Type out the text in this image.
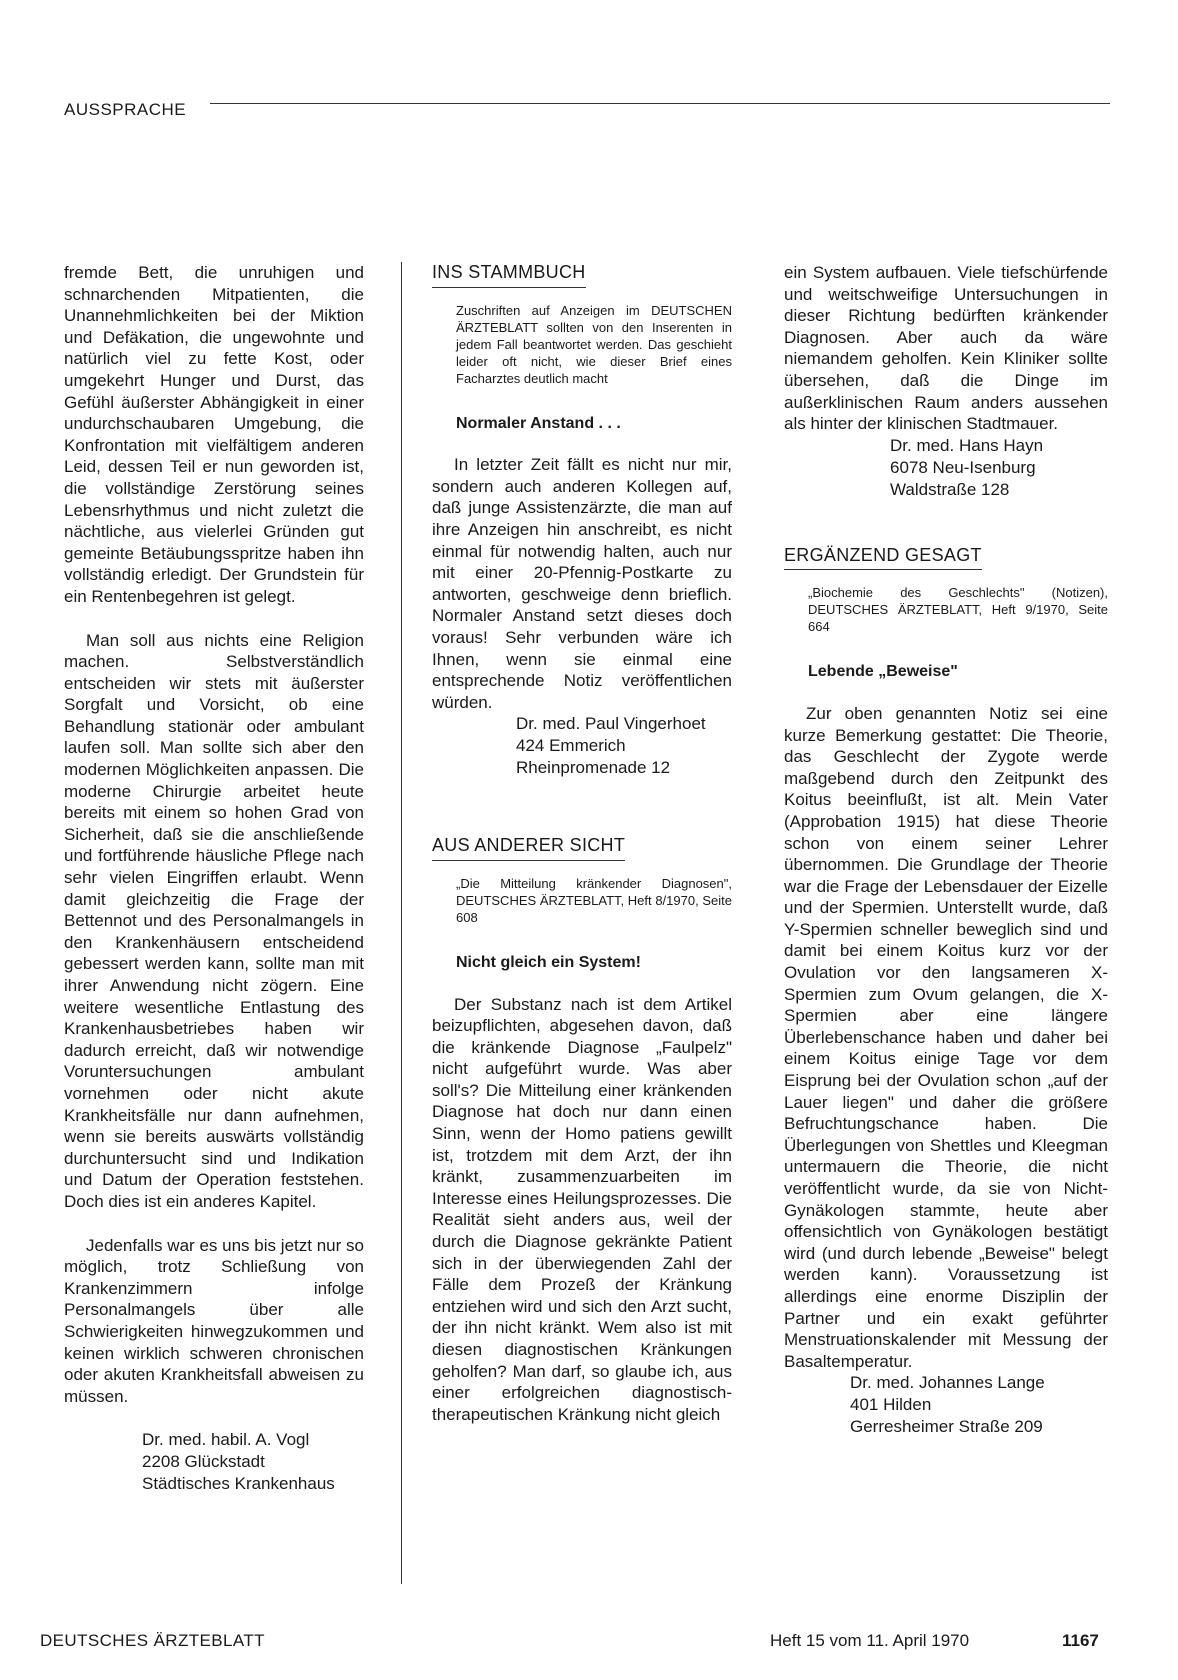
AUSSPRACHE

fremde Bett, die unruhigen und schnarchenden Mitpatienten, die Unannehmlichkeiten bei der Miktion und Defäkation, die ungewohnte und natürlich viel zu fette Kost, oder umgekehrt Hunger und Durst, das Gefühl äußerster Abhängigkeit in einer undurchschaubaren Umgebung, die Konfrontation mit vielfältigem anderen Leid, dessen Teil er nun geworden ist, die vollständige Zerstörung seines Lebensrhythmus und nicht zuletzt die nächtliche, aus vielerlei Gründen gut gemeinte Betäubungsspritze haben ihn vollständig erledigt. Der Grundstein für ein Rentenbegehren ist gelegt.

Man soll aus nichts eine Religion machen. Selbstverständlich entscheiden wir stets mit äußerster Sorgfalt und Vorsicht, ob eine Behandlung stationär oder ambulant laufen soll. Man sollte sich aber den modernen Möglichkeiten anpassen. Die moderne Chirurgie arbeitet heute bereits mit einem so hohen Grad von Sicherheit, daß sie die anschließende und fortführende häusliche Pflege nach sehr vielen Eingriffen erlaubt. Wenn damit gleichzeitig die Frage der Bettennot und des Personalmangels in den Krankenhäusern entscheidend gebessert werden kann, sollte man mit ihrer Anwendung nicht zögern. Eine weitere wesentliche Entlastung des Krankenhausbetriebes haben wir dadurch erreicht, daß wir notwendige Voruntersuchungen ambulant vornehmen oder nicht akute Krankheitsfälle nur dann aufnehmen, wenn sie bereits auswärts vollständig durchuntersucht sind und Indikation und Datum der Operation feststehen. Doch dies ist ein anderes Kapitel.

Jedenfalls war es uns bis jetzt nur so möglich, trotz Schließung von Krankenzimmern infolge Personalmangels über alle Schwierigkeiten hinwegzukommen und keinen wirklich schweren chronischen oder akuten Krankheitsfall abweisen zu müssen.

Dr. med. habil. A. Vogl
2208 Glückstadt
Städtisches Krankenhaus
INS STAMMBUCH

Zuschriften auf Anzeigen im DEUTSCHEN ÄRZTEBLATT sollten von den Inserenten in jedem Fall beantwortet werden. Das geschieht leider oft nicht, wie dieser Brief eines Facharztes deutlich macht

Normaler Anstand . . .

In letzter Zeit fällt es nicht nur mir, sondern auch anderen Kollegen auf, daß junge Assistenzärzte, die man auf ihre Anzeigen hin anschreibt, es nicht einmal für notwendig halten, auch nur mit einer 20-Pfennig-Postkarte zu antworten, geschweige denn brieflich. Normaler Anstand setzt dieses doch voraus! Sehr verbunden wäre ich Ihnen, wenn sie einmal eine entsprechende Notiz veröffentlichen würden.

Dr. med. Paul Vingerhoet
424 Emmerich
Rheinpromenade 12
AUS ANDERER SICHT

„Die Mitteilung kränkender Diagnosen", DEUTSCHES ÄRZTEBLATT, Heft 8/1970, Seite 608

Nicht gleich ein System!

Der Substanz nach ist dem Artikel beizupflichten, abgesehen davon, daß die kränkende Diagnose „Faulpelz" nicht aufgeführt wurde. Was aber soll's? Die Mitteilung einer kränkenden Diagnose hat doch nur dann einen Sinn, wenn der Homo patiens gewillt ist, trotzdem mit dem Arzt, der ihn kränkt, zusammenzuarbeiten im Interesse eines Heilungsprozesses. Die Realität sieht anders aus, weil der durch die Diagnose gekränkte Patient sich in der überwiegenden Zahl der Fälle dem Prozeß der Kränkung entziehen wird und sich den Arzt sucht, der ihn nicht kränkt. Wem also ist mit diesen diagnostischen Kränkungen geholfen? Man darf, so glaube ich, aus einer erfolgreichen diagnostisch-therapeutischen Kränkung nicht gleich

ein System aufbauen. Viele tiefschürfende und weitschweifige Untersuchungen in dieser Richtung bedürften kränkender Diagnosen. Aber auch da wäre niemandem geholfen. Kein Kliniker sollte übersehen, daß die Dinge im außerklinischen Raum anders aussehen als hinter der klinischen Stadtmauer.

Dr. med. Hans Hayn
6078 Neu-Isenburg
Waldstraße 128
ERGÄNZEND GESAGT

„Biochemie des Geschlechts" (Notizen), DEUTSCHES ÄRZTEBLATT, Heft 9/1970, Seite 664

Lebende „Beweise"

Zur oben genannten Notiz sei eine kurze Bemerkung gestattet: Die Theorie, das Geschlecht der Zygote werde maßgebend durch den Zeitpunkt des Koitus beeinflußt, ist alt. Mein Vater (Approbation 1915) hat diese Theorie schon von einem seiner Lehrer übernommen. Die Grundlage der Theorie war die Frage der Lebensdauer der Eizelle und der Spermien. Unterstellt wurde, daß Y-Spermien schneller beweglich sind und damit bei einem Koitus kurz vor der Ovulation vor den langsameren X-Spermien zum Ovum gelangen, die X-Spermien aber eine längere Überlebenschance haben und daher bei einem Koitus einige Tage vor dem Eisprung bei der Ovulation schon „auf der Lauer liegen" und daher die größere Befruchtungschance haben. Die Überlegungen von Shettles und Kleegman untermauern die Theorie, die nicht veröffentlicht wurde, da sie von Nicht-Gynäkologen stammte, heute aber offensichtlich von Gynäkologen bestätigt wird (und durch lebende „Beweise" belegt werden kann). Voraussetzung ist allerdings eine enorme Disziplin der Partner und ein exakt geführter Menstruationskalender mit Messung der Basaltemperatur.

Dr. med. Johannes Lange
401 Hilden
Gerresheimer Straße 209
DEUTSCHES ÄRZTEBLATT	Heft 15 vom 11. April 1970	1167
